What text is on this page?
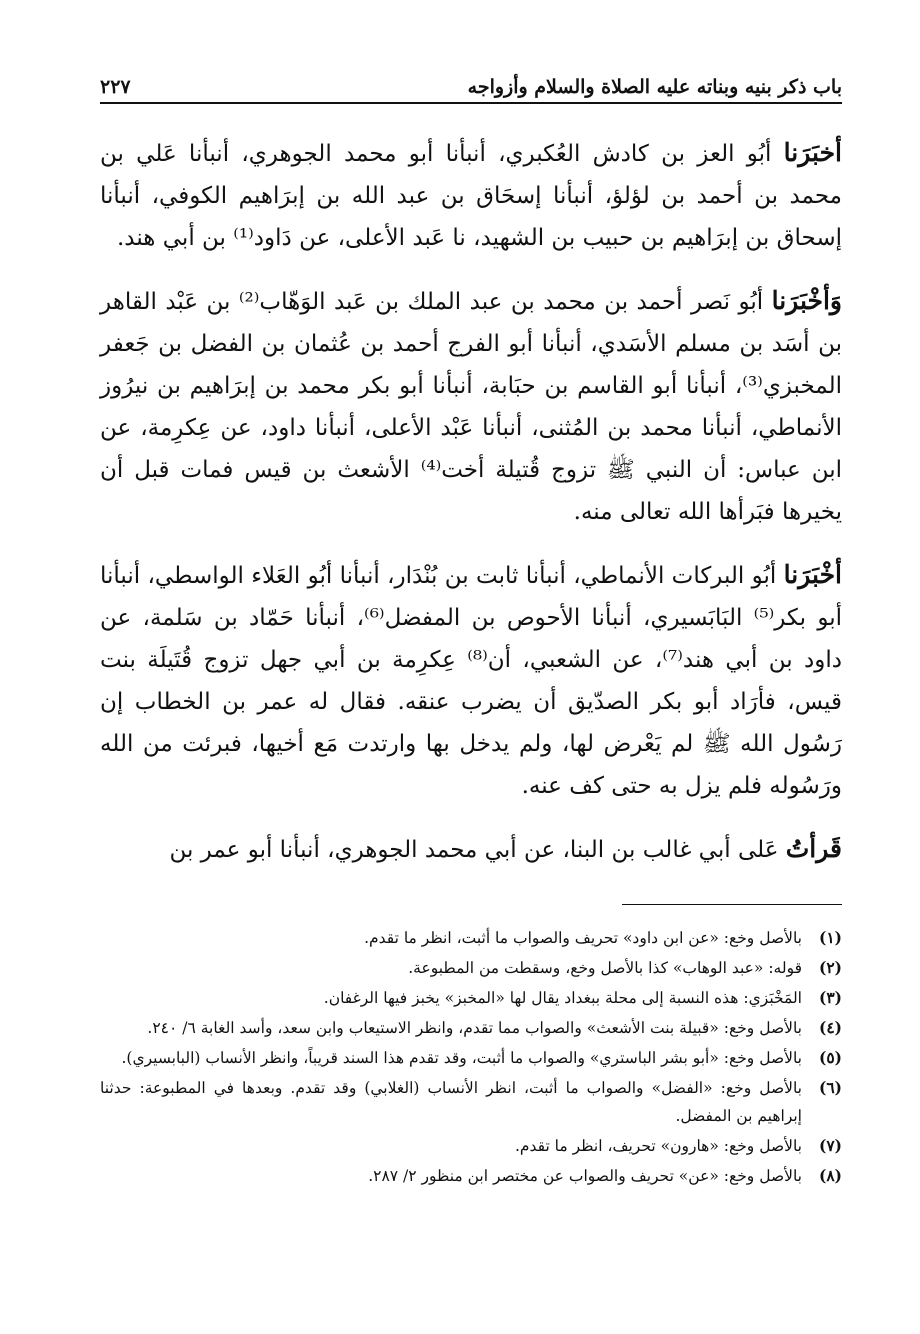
باب ذكر بنيه وبناته عليه الصلاة والسلام وأزواجه
٢٢٧

أخبَرَنا أبُو العز بن كادش العُكبري، أنبأنا أبو محمد الجوهري، أنبأنا عَلي بن محمد بن أحمد بن لؤلؤ، أنبأنا إسحَاق بن عبد الله بن إبرَاهيم الكوفي، أنبأنا إسحاق بن إبرَاهيم بن حبيب بن الشهيد، نا عَبد الأعلى، عن دَاود⁽¹⁾ بن أبي هند.

وَأخْبَرَنا أبُو نَصر أحمد بن محمد بن عبد الملك بن عَبد الوَهّاب⁽²⁾ بن عَبْد القاهر بن أسَد بن مسلم الأسَدي، أنبأنا أبو الفرج أحمد بن عُثمان بن الفضل بن جَعفر المخبزي⁽³⁾، أنبأنا أبو القاسم بن حبَابة، أنبأنا أبو بكر محمد بن إبرَاهيم بن نيرُوز الأنماطي، أنبأنا محمد بن المُثنى، أنبأنا عَبْد الأعلى، أنبأنا داود، عن عِكرِمة، عن ابن عباس: أن النبي ﷺ تزوج قُتيلة أخت⁽⁴⁾ الأشعث بن قيس فمات قبل أن يخيرها فبَرأها الله تعالى منه.

أخْبَرَنا أبُو البركات الأنماطي، أنبأنا ثابت بن بُنْدَار، أنبأنا أبُو العَلاء الواسطي، أنبأنا أبو بكر⁽⁵⁾ البَابَسيري، أنبأنا الأحوص بن المفضل⁽⁶⁾، أنبأنا حَمّاد بن سَلمة، عن داود بن أبي هند⁽⁷⁾، عن الشعبي، أن⁽⁸⁾ عِكرِمة بن أبي جهل تزوج قُتَيلَة بنت قيس، فأرَاد أبو بكر الصدّيق أن يضرب عنقه. فقال له عمر بن الخطاب إن رَسُول الله ﷺ لم يَعْرض لها، ولم يدخل بها وارتدت مَع أخيها، فبرئت من الله ورَسُوله فلم يزل به حتى كف عنه.

قَرأتُ عَلى أبي غالب بن البنا، عن أبي محمد الجوهري، أنبأنا أبو عمر بن

(١)
بالأصل وخع: «عن ابن داود» تحريف والصواب ما أثبت، انظر ما تقدم.
(٢)
قوله: «عبد الوهاب» كذا بالأصل وخع، وسقطت من المطبوعة.
(٣)
المَخْبَزي: هذه النسبة إلى محلة ببغداد يقال لها «المخبز» يخبز فيها الرغفان.
(٤)
بالأصل وخع: «قبيلة بنت الأشعث» والصواب مما تقدم، وانظر الاستيعاب وابن سعد، وأسد الغابة ٦/ ٢٤٠.
(٥)
بالأصل وخع: «أبو بشر الباستري» والصواب ما أثبت، وقد تقدم هذا السند قريباً، وانظر الأنساب (البابسيري).
(٦)
بالأصل وخع: «الفضل» والصواب ما أثبت، انظر الأنساب (الغلابي) وقد تقدم. وبعدها في المطبوعة: حدثنا إبراهيم بن المفضل.
(٧)
بالأصل وخع: «هارون» تحريف، انظر ما تقدم.
(٨)
بالأصل وخع: «عن» تحريف والصواب عن مختصر ابن منظور ٢/ ٢٨٧.
